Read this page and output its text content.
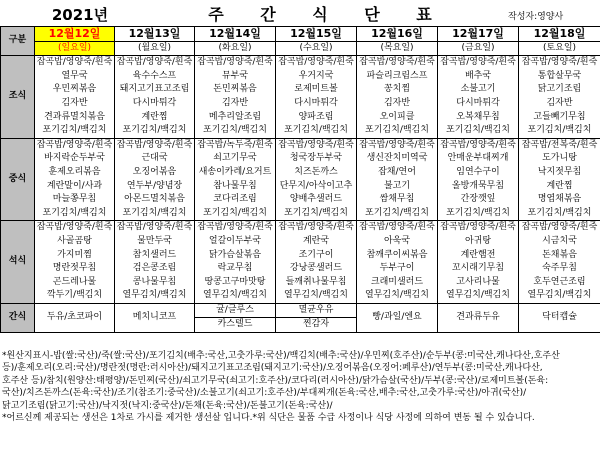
2021년	주 간 식 단 표	작성자:영양사
구분	12월12일	12월13일	12월14일	12월15일	12월16일	12월17일	12월18일
	(일요일)	(월요일)	(화요일)	(수요일)	(목요일)	(금요일)	(토요일)
조식	잡곡밥/영양죽/흰죽	잡곡밥/영양죽/흰죽	잡곡밥/영양죽/흰죽	잡곡밥/영양죽/흰죽	잡곡밥/영양죽/흰죽	잡곡밥/영양죽/흰죽	잡곡밥/영양죽/흰죽
	열무국	육수수스프	뮤부국	우거지국	파슬리크림스프	배추국	통합살무국
	우민찌볶음	돼지고기표고조림	돈민찌볶음	로제미트볼	꽁치찜	소불고기	닭고기조림
	김자반	다시마튀각	김자반	다시마튀각	김자반	다시마튀각	김자반
	견과류멸치볶음	계란찜	메추리알조림	양파조림	오이피클	오복채무침	고들빼기무침
	포기김치/백김치	포기김치/백김치	포기김치/백김치	포기김치/백김치	포기김치/백김치	포기김치/백김치	포기김치/백김치
중식	잡곡밥/영양죽/흰죽	잡곡밥/영양죽/흰죽	잡곡밥/녹두죽/흰죽	잡곡밥/영양죽/흰죽	잡곡밥/영양죽/흰죽	잡곡밥/영양죽/흰죽	잡곡밥/전복죽/흰죽
	바지락순두부국	근대국	쇠고기무국	청국장두부국	생신잔치미역국	안매운부대찌개	도가니탕
	훈제오리볶음	오징어볶음	새송이카레/요거트	치즈돈까스	잡채/연어	임연수구이	낙지젓무침
	계란말이/사과	연두부/양념장	참나물무침	단무지/아삭이고추	불고기	올방개묵무침	계란찜
	마늘쫑무침	아몬드멸치볶음	코다리조림	양배추샐러드	쌈채무침	간장깻잎	명엽채볶음
	포기김치/백김치	포기김치/백김치	포기김치/백김치	포기김치/백김치	포기김치/백김치	포기김치/백김치	포기김치/백김치
석식	잡곡밥/영양죽/흰죽	잡곡밥/영양죽/흰죽	잡곡밥/영양죽/흰죽	잡곡밥/영양죽/흰죽	잡곡밥/영양죽/흰죽	잡곡밥/영양죽/흰죽	잡곡밥/영양죽/흰죽
	사골곰탕	물만두국	얼갈이두부국	계란국	아욱국	아귀탕	시금치국
	가지미찜	참치샐러드	닭가슴살볶음	조기구이	참깨쿠이씨볶음	계란햄전	돈채볶음
	명란젓무침	검은콩조림	락교무침	강낭콩샐러드	두부구이	꼬시래기무침	숙주무침
	곤드레나물	콩나물무침	땅콩고구마맛탕	들깨취나물무침	크래미샐러드	고사리나물	호두연근조림
	깍두기/백김치	열무김치/백김치	열무김치/백김치	열무김치/백김치	열무김치/백김치	열무김치/백김치	열무김치/백김치
간식	두유/초코파이	메치니코프	귤/글루스	멸균우유	빵/과일/엔요	견과류두유	닥터캡슐
			카스텔드	찐감자			
*원산지표시-밥(쌀:국산)/죽(쌀:국산)/포기김치(배추:국산,고춧가루:국산)/백김치(배추:국산)/우민찌(호주산)/순두부(콩:미국산,캐나다산,호주산
등)/훈제오리(오리:국산)/명란젓(명란:러시아산)/돼지고기표고조림(돼지고기:국산)/오징어볶음(오징어:페루산)/연두부(콩:미국산,캐나다산,
호주산 등)/참치(원양산:태평양)/돈민찌(국산)/쇠고기무국(쇠고기:호주산)/코다리(러시아산)/닭가슴살(국산)/두부(콩:국산)/로제미트볼(돈육:
국산)/치즈돈까스(돈육:국산)/조기(참조기:중국산)/소불고기(쇠고기:호주산)/부대찌개(돈육:국산,배추:국산,고춧가루:국산)/아귀(국산)/
닭고기조림(닭고기:국산)/낙지젓(낙지:중국산)/돈채(돈육:국산)/돈불고기(돈육:국산)/
*어르신께 제공되는 생선은 1차로 가시를 제거한 생선살 입니다.*위 식단은 물품 수급 사정이나 식당 사정에 의하여 변동 될 수 있습니다.
